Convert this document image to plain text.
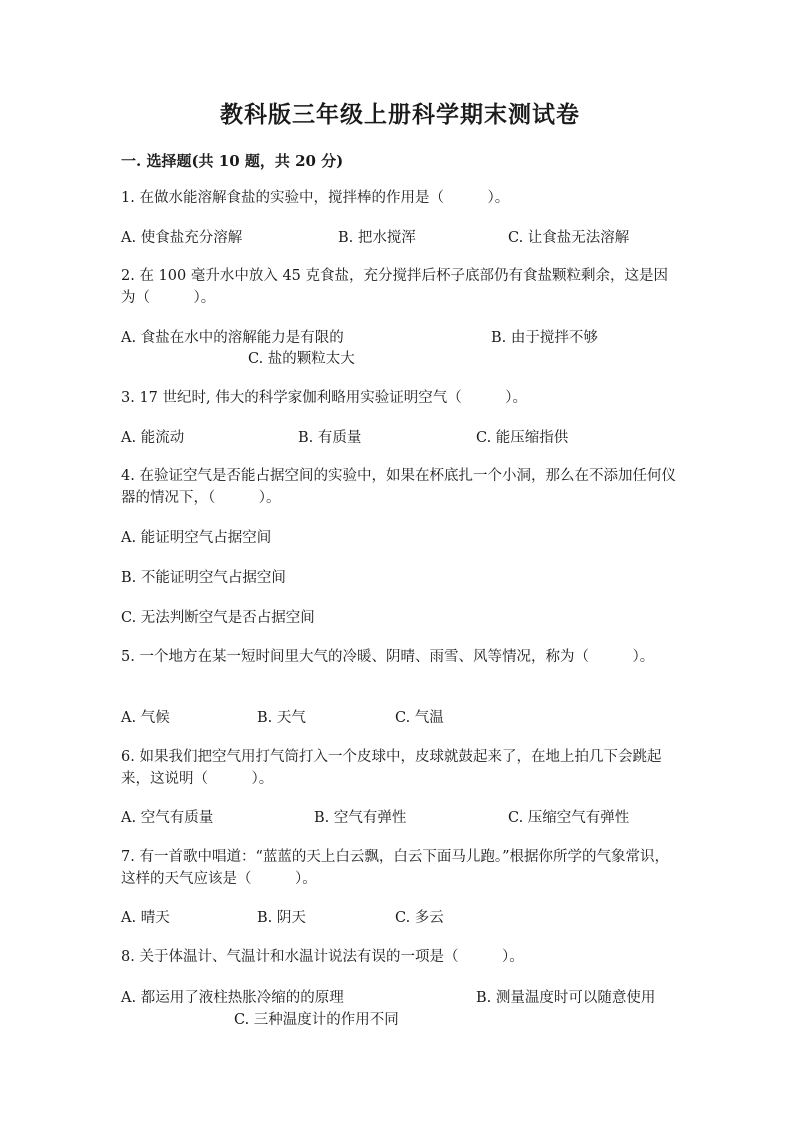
教科版三年级上册科学期末测试卷
一. 选择题(共 10 题，共 20 分)
1. 在做水能溶解食盐的实验中，搅拌棒的作用是（　　　）。
A. 使食盐充分溶解	B. 把水搅浑	C. 让食盐无法溶解
2. 在 100 毫升水中放入 45 克食盐，充分搅拌后杯子底部仍有食盐颗粒剩余，这是因为（　　　）。
A. 食盐在水中的溶解能力是有限的	B. 由于搅拌不够
C. 盐的颗粒太大
3. 17 世纪时, 伟大的科学家伽利略用实验证明空气（　　　）。
A. 能流动	B. 有质量	C. 能压缩指供
4. 在验证空气是否能占据空间的实验中，如果在杯底扎一个小洞，那么在不添加任何仪器的情况下，（　　　）。
A. 能证明空气占据空间
B. 不能证明空气占据空间
C. 无法判断空气是否占据空间
5. 一个地方在某一短时间里大气的冷暖、阴晴、雨雪、风等情况，称为（　　　）。
A. 气候	B. 天气	C. 气温
6. 如果我们把空气用打气筒打入一个皮球中，皮球就鼓起来了，在地上拍几下会跳起来，这说明（　　　）。
A. 空气有质量	B. 空气有弹性	C. 压缩空气有弹性
7. 有一首歌中唱道：“蓝蓝的天上白云飘，白云下面马儿跑。”根据你所学的气象常识，这样的天气应该是（　　　）。
A. 晴天	B. 阴天	C. 多云
8. 关于体温计、气温计和水温计说法有误的一项是（　　　）。
A. 都运用了液柱热胀冷缩的的原理	B. 测量温度时可以随意使用
C. 三种温度计的作用不同
